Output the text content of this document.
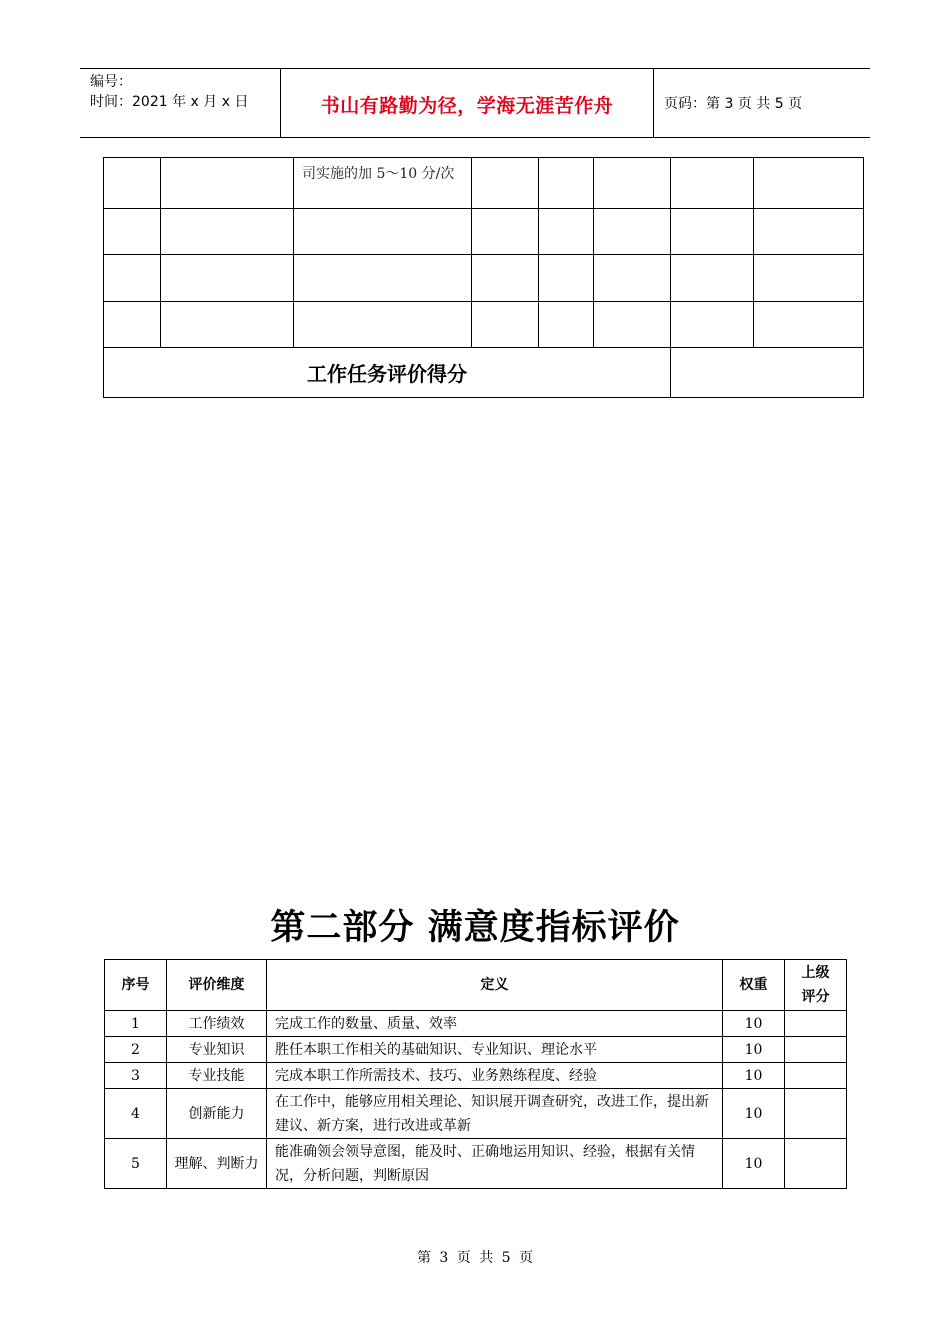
编号：
时间：2021 年 x 月 x 日	书山有路勤为径，学海无涯苦作舟	页码：第 3 页 共 5 页
		司实施的加 5～10 分/次					

工作任务评价得分							
第二部分 满意度指标评价
序号	评价维度	定义	权重	上级评分
1	工作绩效	完成工作的数量、质量、效率	10	
2	专业知识	胜任本职工作相关的基础知识、专业知识、理论水平	10	
3	专业技能	完成本职工作所需技术、技巧、业务熟练程度、经验	10	
4	创新能力	在工作中，能够应用相关理论、知识展开调查研究，改进工作，提出新建议、新方案，进行改进或革新	10	
5	理解、判断力	能准确领会领导意图，能及时、正确地运用知识、经验，根据有关情况，分析问题，判断原因	10	
第 3 页 共 5 页
